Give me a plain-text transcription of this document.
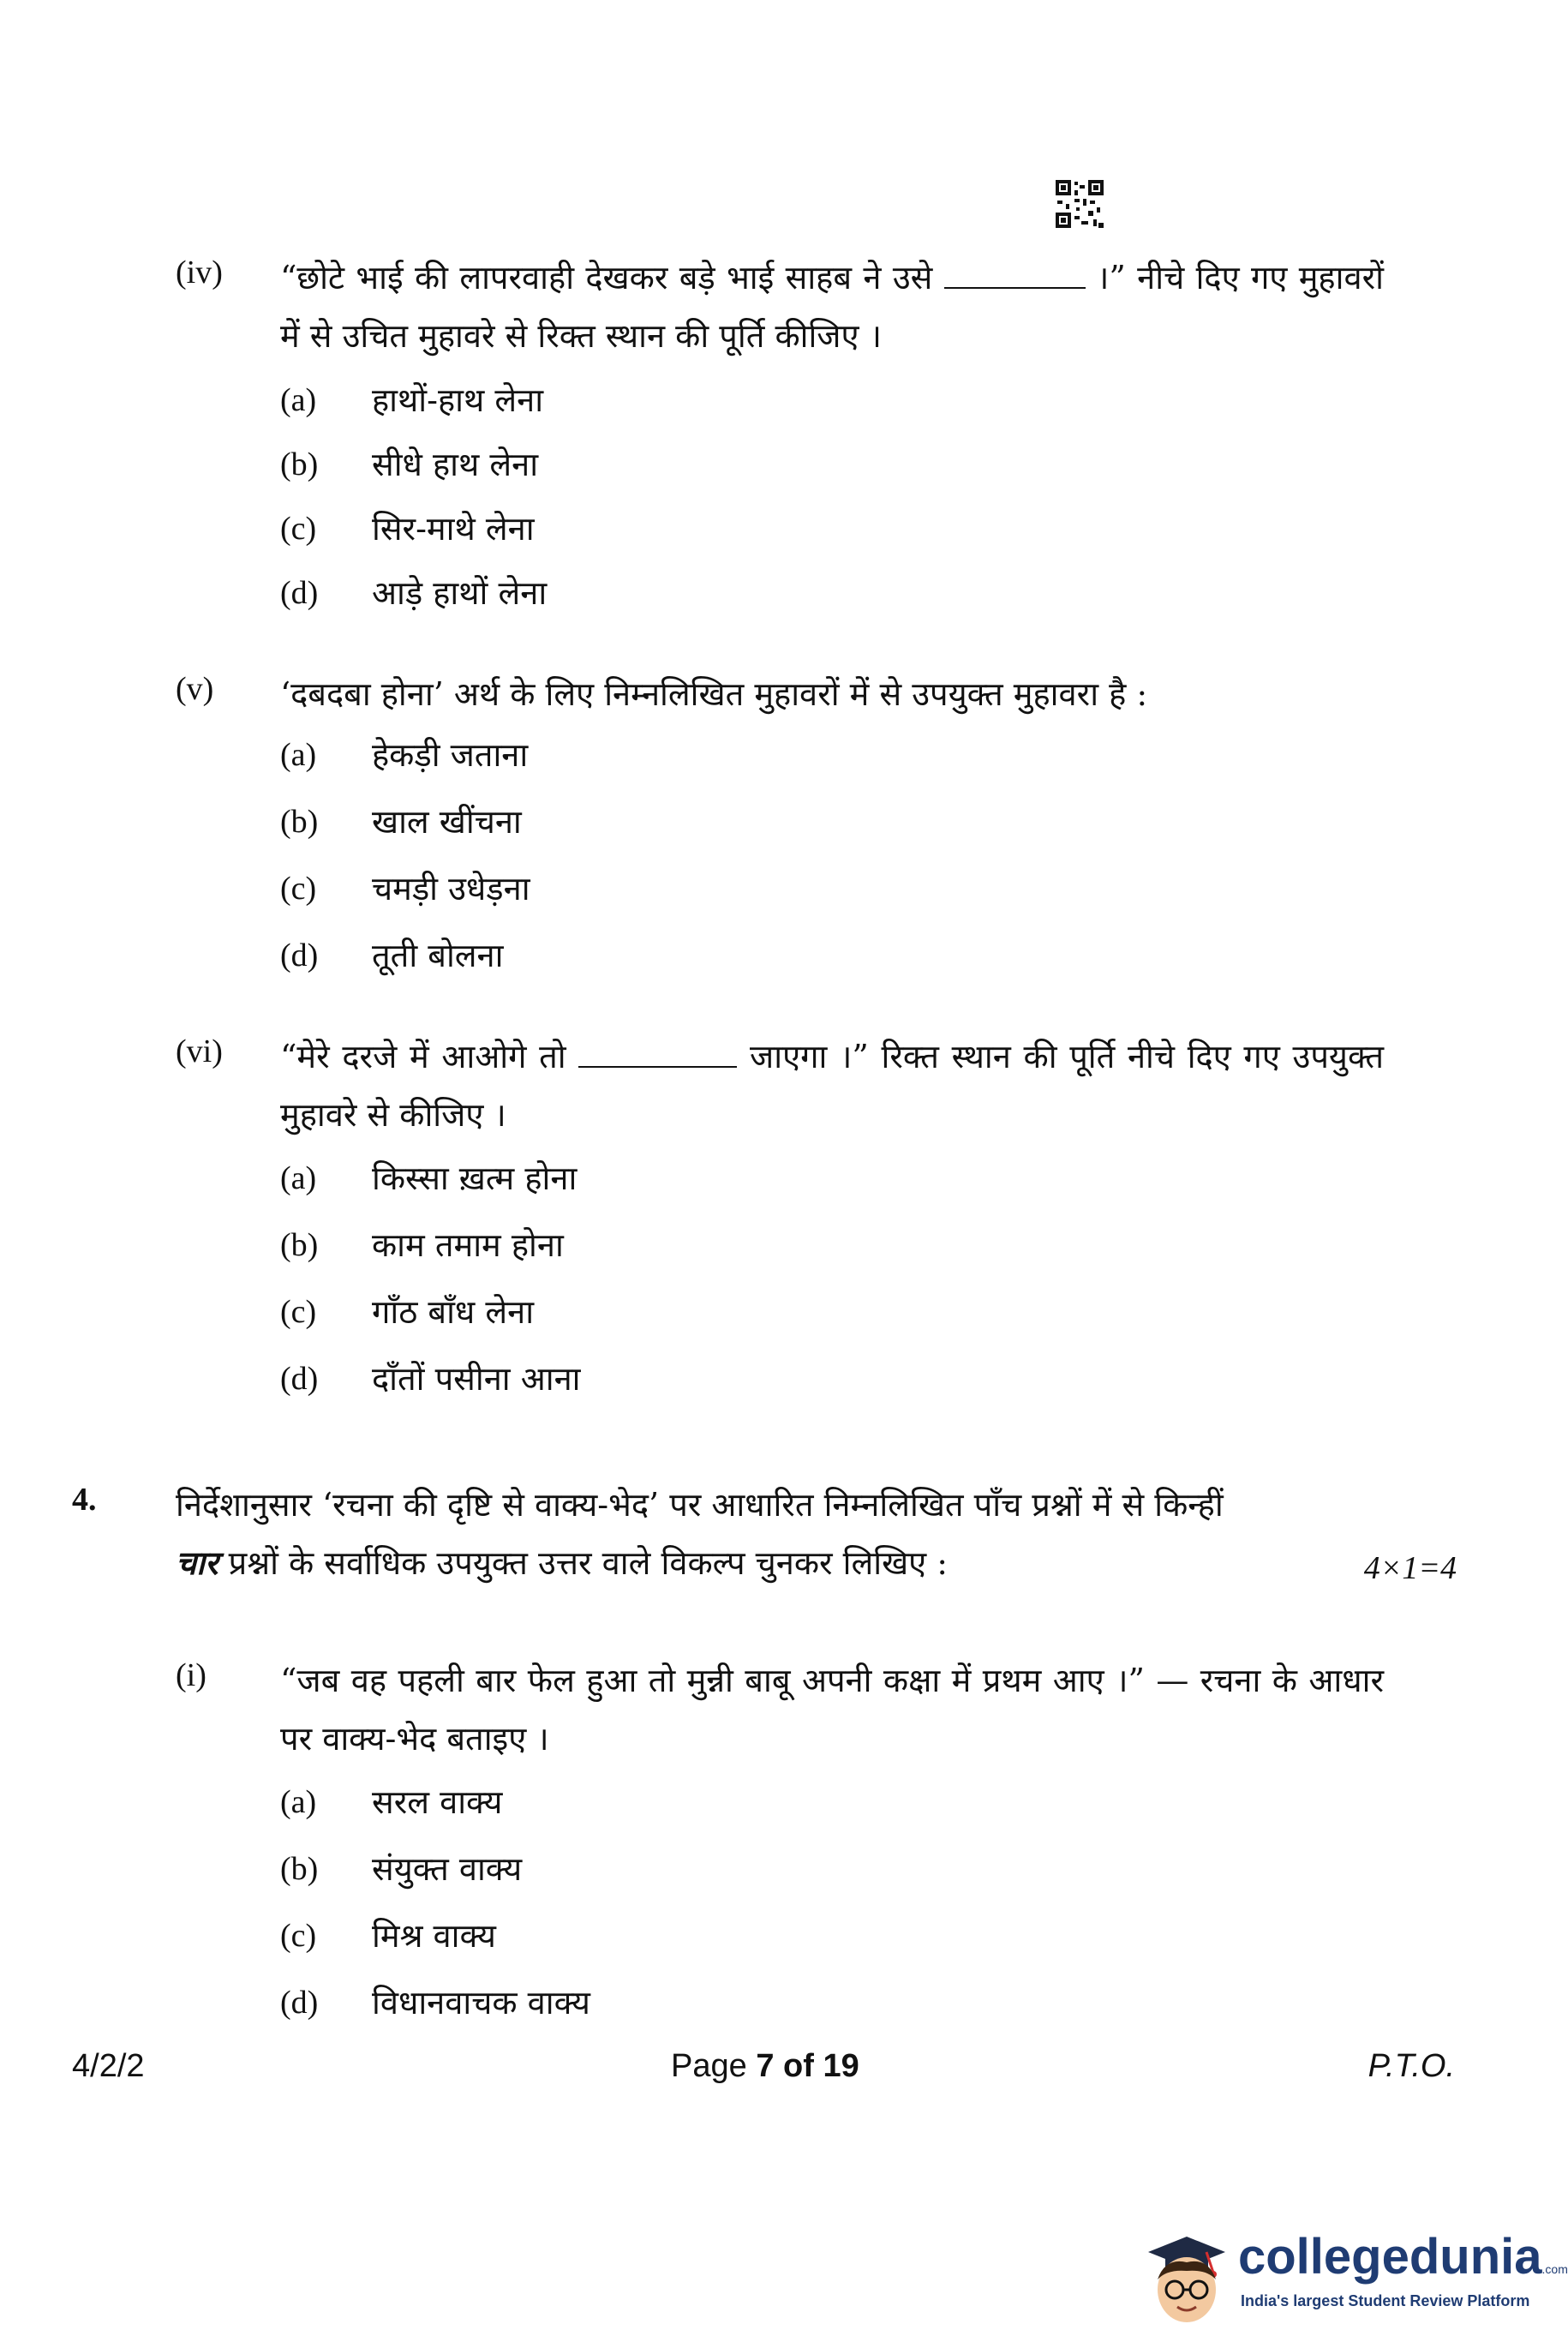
(iv) “छोटे भाई की लापरवाही देखकर बड़े भाई साहब ने उसे	।” नीचे दिए गए मुहावरों में से उचित मुहावरे से रिक्त स्थान की पूर्ति कीजिए ।
(a) हाथों-हाथ लेना
(b) सीधे हाथ लेना
(c) सिर-माथे लेना
(d) आड़े हाथों लेना
(v) ‘दबदबा होना’ अर्थ के लिए निम्नलिखित मुहावरों में से उपयुक्त मुहावरा है :
(a) हेकड़ी जताना
(b) खाल खींचना
(c) चमड़ी उधेड़ना
(d) तूती बोलना
(vi) “मेरे दरजे में आओगे तो	जाएगा ।” रिक्त स्थान की पूर्ति नीचे दिए गए उपयुक्त मुहावरे से कीजिए ।
(a) किस्सा ख़त्म होना
(b) काम तमाम होना
(c) गाँठ बाँध लेना
(d) दाँतों पसीना आना
4. निर्देशानुसार ‘रचना की दृष्टि से वाक्य-भेद’ पर आधारित निम्नलिखित पाँच प्रश्नों में से किन्हीं
चार प्रश्नों के सर्वाधिक उपयुक्त उत्तर वाले विकल्प चुनकर लिखिए :	4×1=4
(i) “जब वह पहली बार फेल हुआ तो मुन्नी बाबू अपनी कक्षा में प्रथम आए ।” — रचना के आधार पर वाक्य-भेद बताइए ।
(a) सरल वाक्य
(b) संयुक्त वाक्य
(c) मिश्र वाक्य
(d) विधानवाचक वाक्य
4/2/2	Page 7 of 19	P.T.O.
collegedunia.com
India's largest Student Review Platform
